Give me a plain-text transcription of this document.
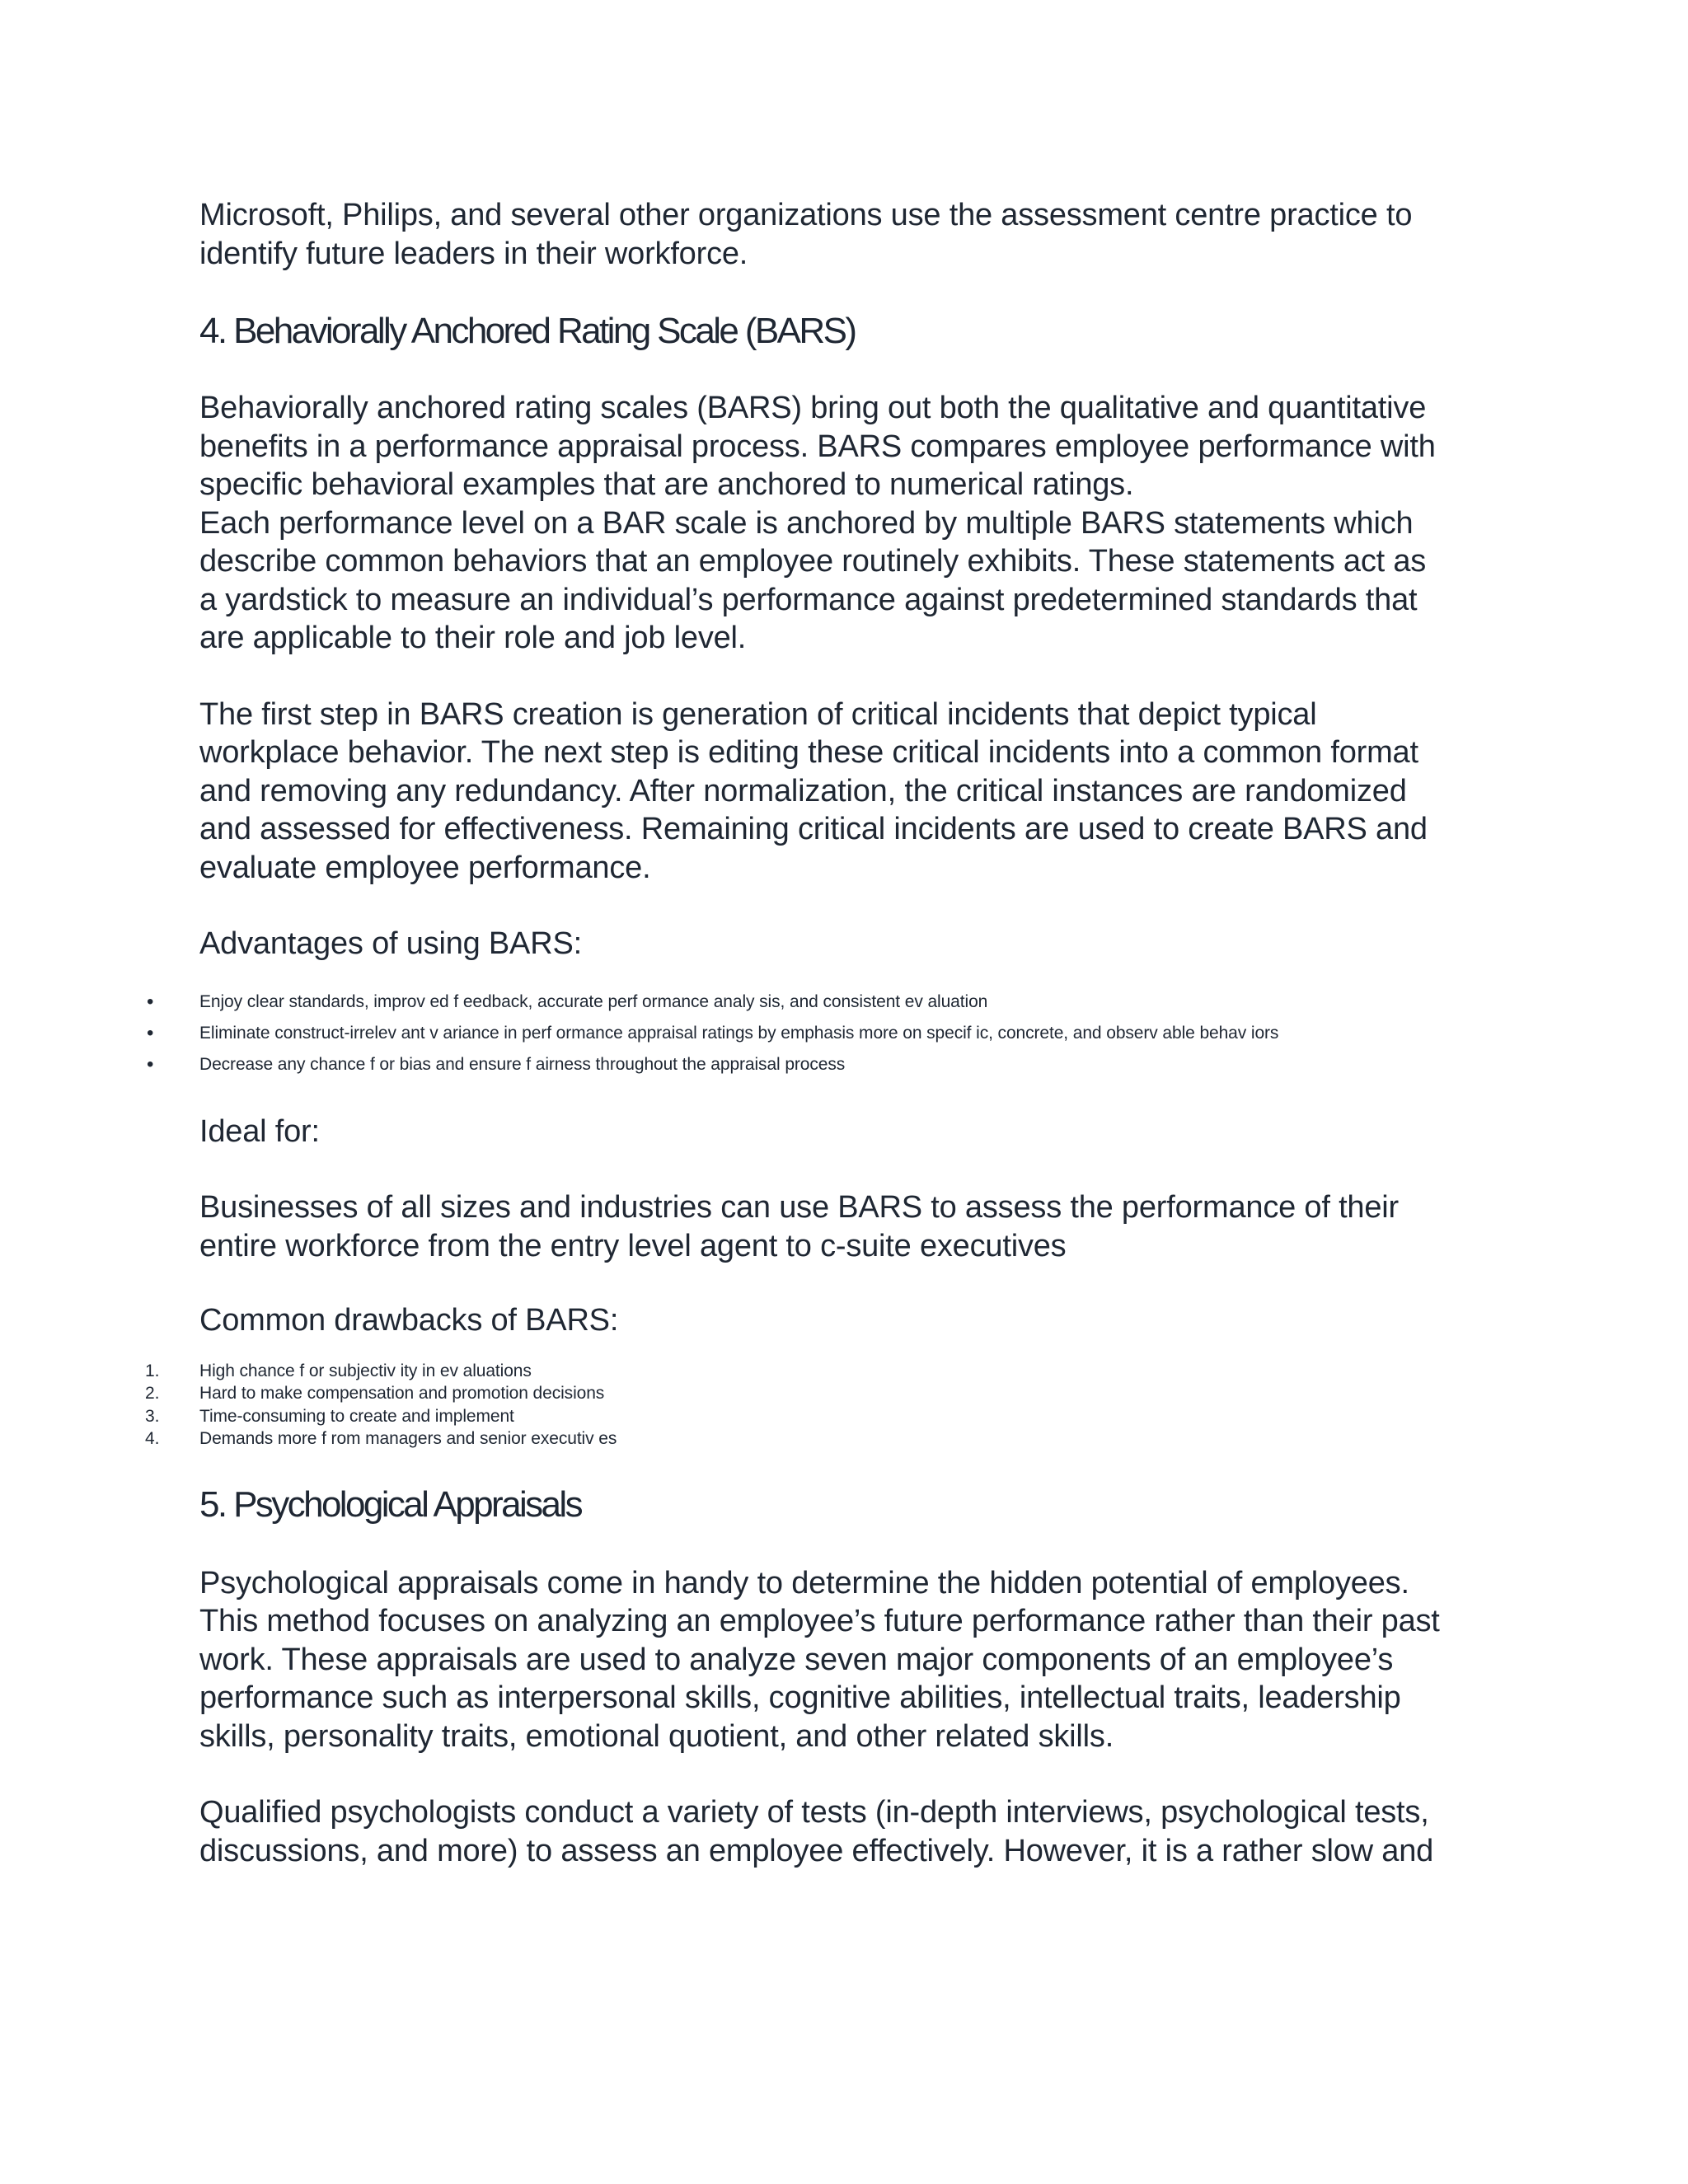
Microsoft, Philips, and several other organizations use the assessment centre practice to

identify future leaders in their workforce.

4. Behaviorally Anchored Rating Scale (BARS)

Behaviorally anchored rating scales (BARS) bring out both the qualitative and quantitative

benefits in a performance appraisal process. BARS compares employee performance with

specific behavioral examples that are anchored to numerical ratings.

Each performance level on a BAR scale is anchored by multiple BARS statements which

describe common behaviors that an employee routinely exhibits. These statements act as

a yardstick to measure an individual’s performance against predetermined standards that

are applicable to their role and job level.

The first step in BARS creation is generation of critical incidents that depict typical

workplace behavior. The next step is editing these critical incidents into a common format

and removing any redundancy. After normalization, the critical instances are randomized

and assessed for effectiveness. Remaining critical incidents are used to create BARS and

evaluate employee performance.

Advantages of using BARS:

•	Enjoy clear standards, improv ed f eedback, accurate perf ormance analy sis, and consistent ev aluation
•	Eliminate construct-irrelev ant v ariance in perf ormance appraisal ratings by emphasis more on specif ic, concrete, and observ able behav iors
•	Decrease any chance f or bias and ensure f airness throughout the appraisal process

Ideal for:

Businesses of all sizes and industries can use BARS to assess the performance of their

entire workforce from the entry level agent to c-suite executives

Common drawbacks of BARS:

1. High chance f or subjectiv ity in ev aluations
2. Hard to make compensation and promotion decisions
3. Time-consuming to create and implement
4. Demands more f rom managers and senior executiv es
5. Psychological Appraisals

Psychological appraisals come in handy to determine the hidden potential of employees.

This method focuses on analyzing an employee’s future performance rather than their past

work. These appraisals are used to analyze seven major components of an employee’s

performance such as interpersonal skills, cognitive abilities, intellectual traits, leadership

skills, personality traits, emotional quotient, and other related skills.

Qualified psychologists conduct a variety of tests (in-depth interviews, psychological tests,

discussions, and more) to assess an employee effectively. However, it is a rather slow and
